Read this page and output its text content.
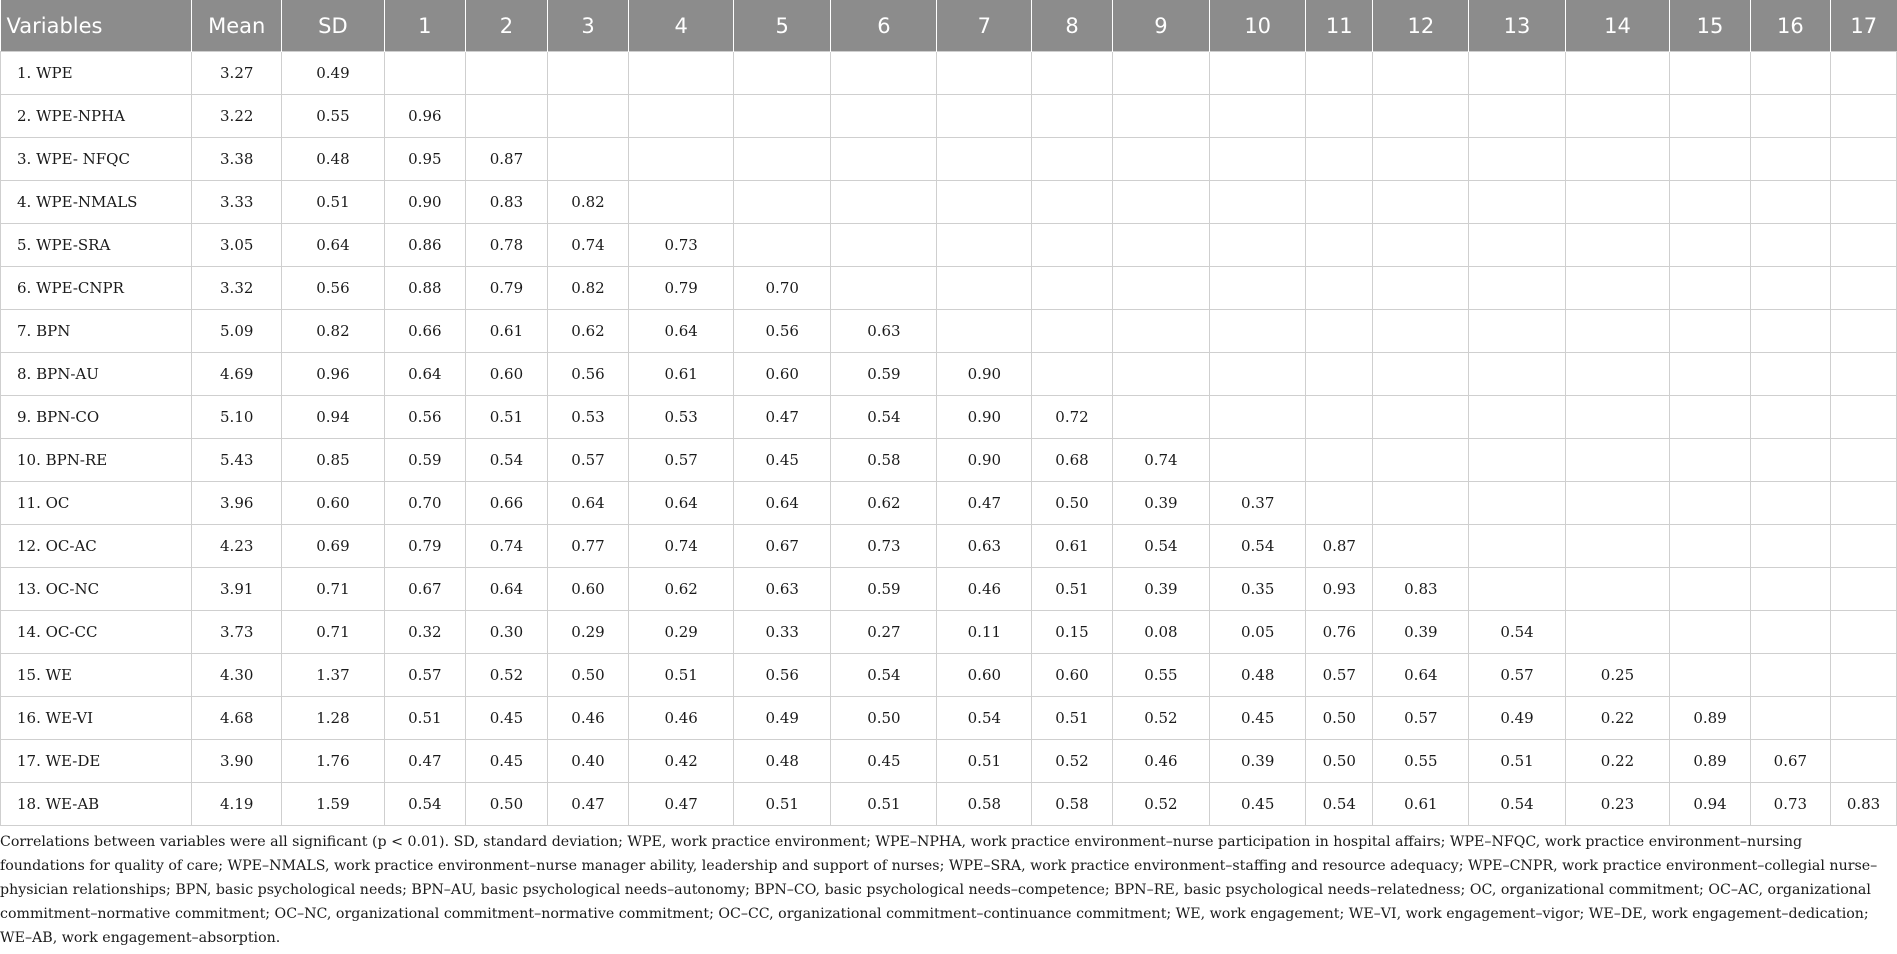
Variables	Mean	SD	1	2	3	4	5	6	7	8	9	10	11	12	13	14	15	16	17
1. WPE	3.27	0.49																	
2. WPE-NPHA	3.22	0.55	0.96																
3. WPE- NFQC	3.38	0.48	0.95	0.87															
4. WPE-NMALS	3.33	0.51	0.90	0.83	0.82														
5. WPE-SRA	3.05	0.64	0.86	0.78	0.74	0.73													
6. WPE-CNPR	3.32	0.56	0.88	0.79	0.82	0.79	0.70												
7. BPN	5.09	0.82	0.66	0.61	0.62	0.64	0.56	0.63											
8. BPN-AU	4.69	0.96	0.64	0.60	0.56	0.61	0.60	0.59	0.90										
9. BPN-CO	5.10	0.94	0.56	0.51	0.53	0.53	0.47	0.54	0.90	0.72									
10. BPN-RE	5.43	0.85	0.59	0.54	0.57	0.57	0.45	0.58	0.90	0.68	0.74								
11. OC	3.96	0.60	0.70	0.66	0.64	0.64	0.64	0.62	0.47	0.50	0.39	0.37							
12. OC-AC	4.23	0.69	0.79	0.74	0.77	0.74	0.67	0.73	0.63	0.61	0.54	0.54	0.87						
13. OC-NC	3.91	0.71	0.67	0.64	0.60	0.62	0.63	0.59	0.46	0.51	0.39	0.35	0.93	0.83					
14. OC-CC	3.73	0.71	0.32	0.30	0.29	0.29	0.33	0.27	0.11	0.15	0.08	0.05	0.76	0.39	0.54				
15. WE	4.30	1.37	0.57	0.52	0.50	0.51	0.56	0.54	0.60	0.60	0.55	0.48	0.57	0.64	0.57	0.25			
16. WE-VI	4.68	1.28	0.51	0.45	0.46	0.46	0.49	0.50	0.54	0.51	0.52	0.45	0.50	0.57	0.49	0.22	0.89		
17. WE-DE	3.90	1.76	0.47	0.45	0.40	0.42	0.48	0.45	0.51	0.52	0.46	0.39	0.50	0.55	0.51	0.22	0.89	0.67	
18. WE-AB	4.19	1.59	0.54	0.50	0.47	0.47	0.51	0.51	0.58	0.58	0.52	0.45	0.54	0.61	0.54	0.23	0.94	0.73	0.83

Correlations between variables were all significant (p < 0.01). SD, standard deviation; WPE, work practice environment; WPE–NPHA, work practice environment–nurse participation in hospital affairs; WPE–NFQC, work practice environment–nursing foundations for quality of care; WPE–NMALS, work practice environment–nurse manager ability, leadership and support of nurses; WPE–SRA, work practice environment–staffing and resource adequacy; WPE–CNPR, work practice environment–collegial nurse–physician relationships; BPN, basic psychological needs; BPN–AU, basic psychological needs–autonomy; BPN–CO, basic psychological needs–competence; BPN–RE, basic psychological needs–relatedness; OC, organizational commitment; OC–AC, organizational commitment–normative commitment; OC–NC, organizational commitment–normative commitment; OC–CC, organizational commitment–continuance commitment; WE, work engagement; WE–VI, work engagement–vigor; WE–DE, work engagement–dedication; WE–AB, work engagement–absorption.
